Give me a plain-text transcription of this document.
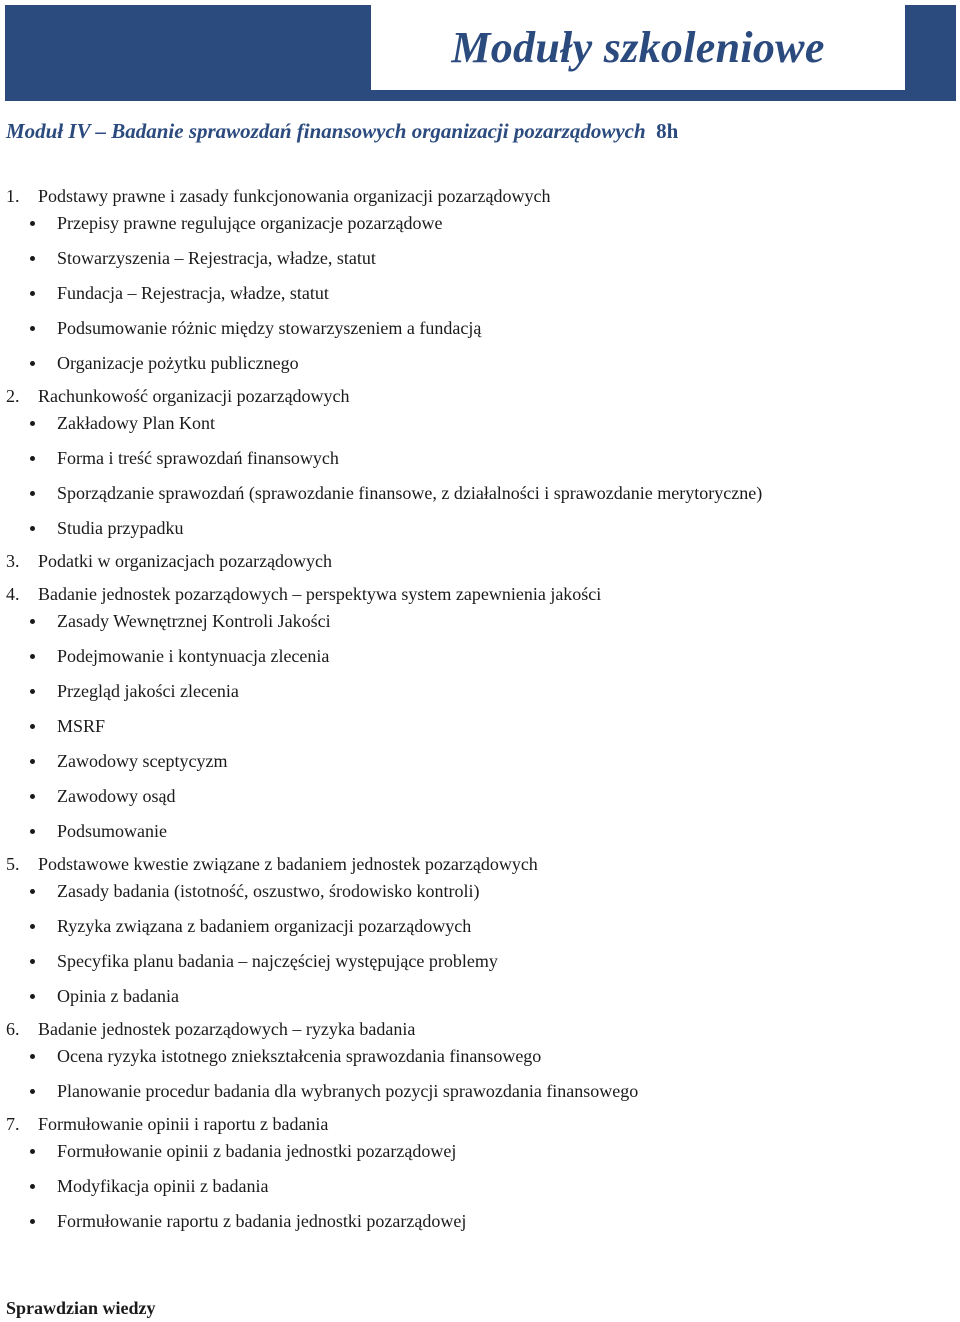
Moduły szkoleniowe
Moduł IV – Badanie sprawozdań finansowych organizacji pozarządowych 8h
1.	Podstawy prawne i zasady funkcjonowania organizacji pozarządowych
Przepisy prawne regulujące organizacje pozarządowe
Stowarzyszenia – Rejestracja, władze, statut
Fundacja – Rejestracja, władze, statut
Podsumowanie różnic między stowarzyszeniem a fundacją
Organizacje pożytku publicznego
2.	Rachunkowość organizacji pozarządowych
Zakładowy Plan Kont
Forma i treść sprawozdań finansowych
Sporządzanie sprawozdań (sprawozdanie finansowe, z działalności i sprawozdanie merytoryczne)
Studia przypadku
3.	Podatki w organizacjach pozarządowych
4.	Badanie jednostek pozarządowych – perspektywa system zapewnienia jakości
Zasady Wewnętrznej Kontroli Jakości
Podejmowanie i kontynuacja zlecenia
Przegląd jakości zlecenia
MSRF
Zawodowy sceptycyzm
Zawodowy osąd
Podsumowanie
5.	Podstawowe kwestie związane z badaniem jednostek pozarządowych
Zasady badania (istotność, oszustwo, środowisko kontroli)
Ryzyka związana z badaniem organizacji pozarządowych
Specyfika planu badania – najczęściej występujące problemy
Opinia z badania
6.	Badanie jednostek pozarządowych – ryzyka badania
Ocena ryzyka istotnego zniekształcenia sprawozdania finansowego
Planowanie procedur badania dla wybranych pozycji sprawozdania finansowego
7.	Formułowanie opinii i raportu z badania
Formułowanie opinii z badania jednostki pozarządowej
Modyfikacja opinii z badania
Formułowanie raportu z badania jednostki pozarządowej
Sprawdzian wiedzy
